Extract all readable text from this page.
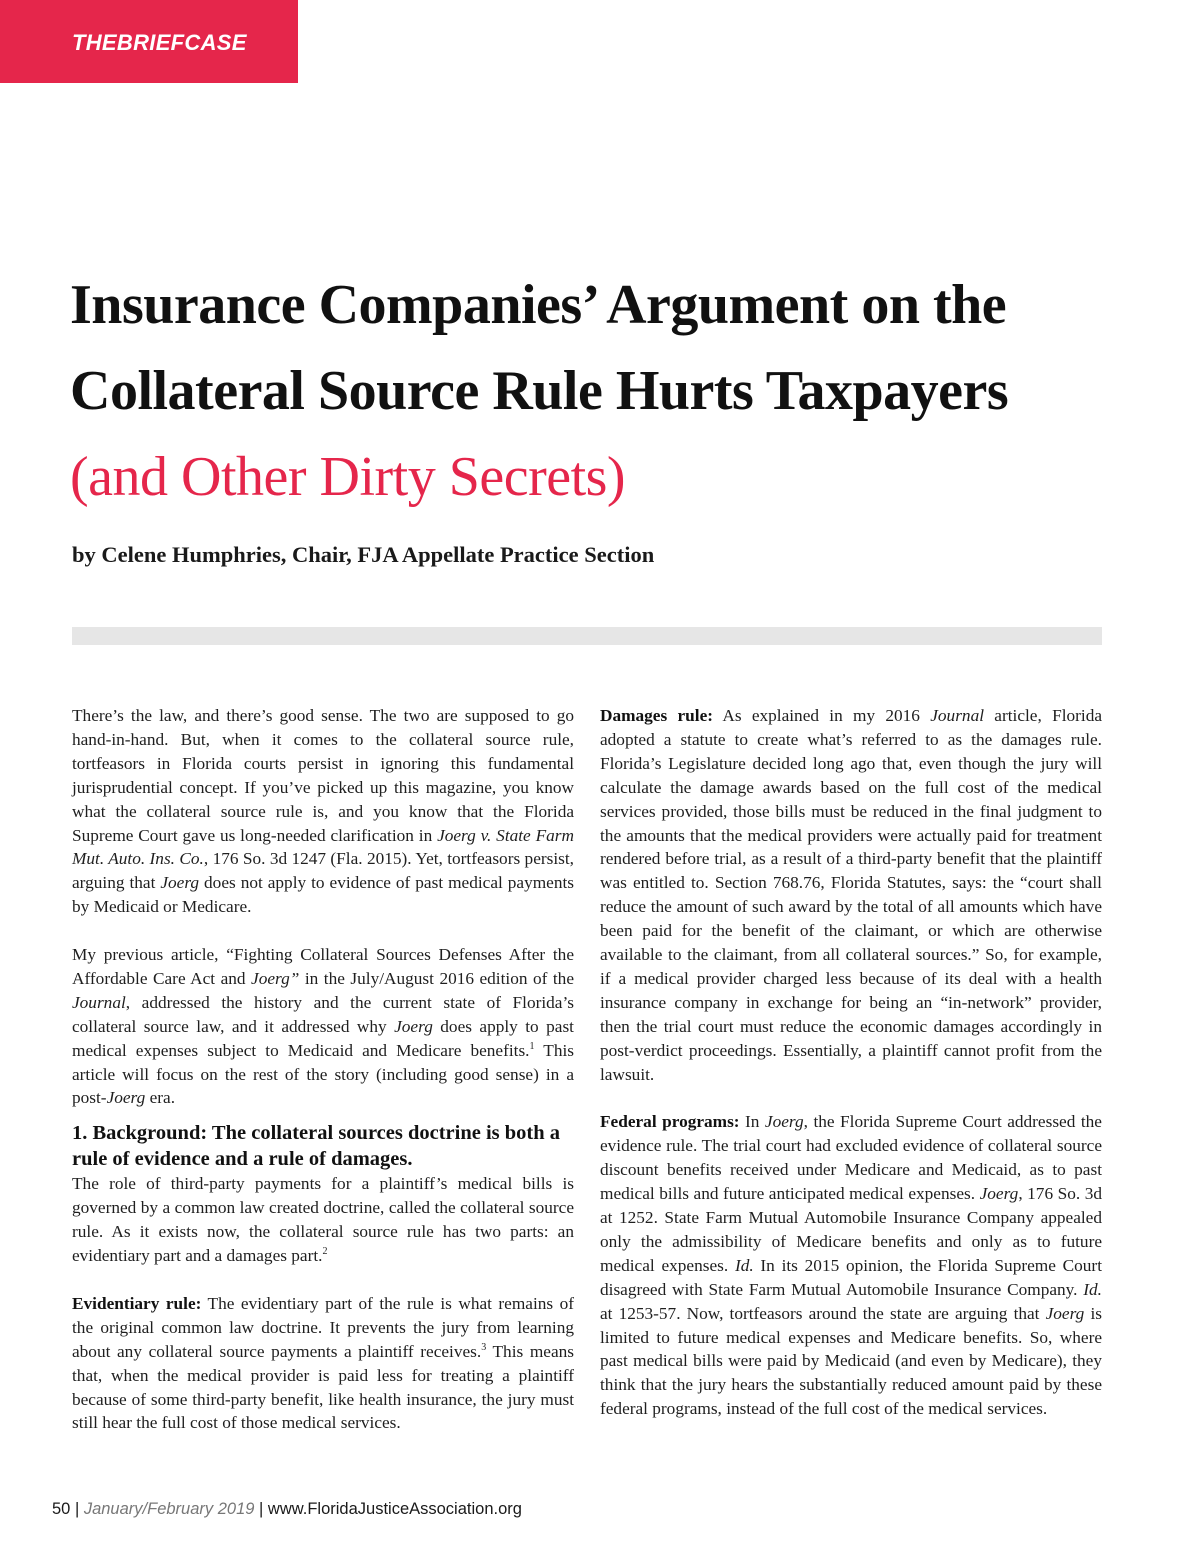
THEBRIEFCASE
Insurance Companies’ Argument on the
Collateral Source Rule Hurts Taxpayers
(and Other Dirty Secrets)

by Celene Humphries, Chair, FJA Appellate Practice Section

There’s the law, and there’s good sense. The two are supposed to go hand-in-hand. But, when it comes to the collateral source rule, tortfeasors in Florida courts persist in ignoring this fundamental jurisprudential concept. If you’ve picked up this magazine, you know what the collateral source rule is, and you know that the Florida Supreme Court gave us long-needed clarification in Joerg v. State Farm Mut. Auto. Ins. Co., 176 So. 3d 1247 (Fla. 2015). Yet, tortfeasors persist, arguing that Joerg does not apply to evidence of past medical payments by Medicaid or Medicare.

My previous article, “Fighting Collateral Sources Defenses After the Affordable Care Act and Joerg” in the July/August 2016 edition of the Journal, addressed the history and the current state of Florida’s collateral source law, and it addressed why Joerg does apply to past medical expenses subject to Medicaid and Medicare benefits.$^1$ This article will focus on the rest of the story (including good sense) in a post-Joerg era.

1. Background: The collateral sources doctrine is both a rule of evidence and a rule of damages.

The role of third-party payments for a plaintiff’s medical bills is governed by a common law created doctrine, called the collateral source rule. As it exists now, the collateral source rule has two parts: an evidentiary part and a damages part.$^2$

Evidentiary rule: The evidentiary part of the rule is what remains of the original common law doctrine. It prevents the jury from learning about any collateral source payments a plaintiff receives.$^3$ This means that, when the medical provider is paid less for treating a plaintiff because of some third-party benefit, like health insurance, the jury must still hear the full cost of those medical services.

Damages rule: As explained in my 2016 Journal article, Florida adopted a statute to create what’s referred to as the damages rule. Florida’s Legislature decided long ago that, even though the jury will calculate the damage awards based on the full cost of the medical services provided, those bills must be reduced in the final judgment to the amounts that the medical providers were actually paid for treatment rendered before trial, as a result of a third-party benefit that the plaintiff was entitled to. Section 768.76, Florida Statutes, says: the “court shall reduce the amount of such award by the total of all amounts which have been paid for the benefit of the claimant, or which are otherwise available to the claimant, from all collateral sources.” So, for example, if a medical provider charged less because of its deal with a health insurance company in exchange for being an “in-network” provider, then the trial court must reduce the economic damages accordingly in post-verdict proceedings. Essentially, a plaintiff cannot profit from the lawsuit.

Federal programs: In Joerg, the Florida Supreme Court addressed the evidence rule. The trial court had excluded evidence of collateral source discount benefits received under Medicare and Medicaid, as to past medical bills and future anticipated medical expenses. Joerg, 176 So. 3d at 1252. State Farm Mutual Automobile Insurance Company appealed only the admissibility of Medicare benefits and only as to future medical expenses. Id. In its 2015 opinion, the Florida Supreme Court disagreed with State Farm Mutual Automobile Insurance Company. Id. at 1253-57. Now, tortfeasors around the state are arguing that Joerg is limited to future medical expenses and Medicare benefits. So, where past medical bills were paid by Medicaid (and even by Medicare), they think that the jury hears the substantially reduced amount paid by these federal programs, instead of the full cost of the medical services.

50 | January/February 2019 | www.FloridaJusticeAssociation.org
